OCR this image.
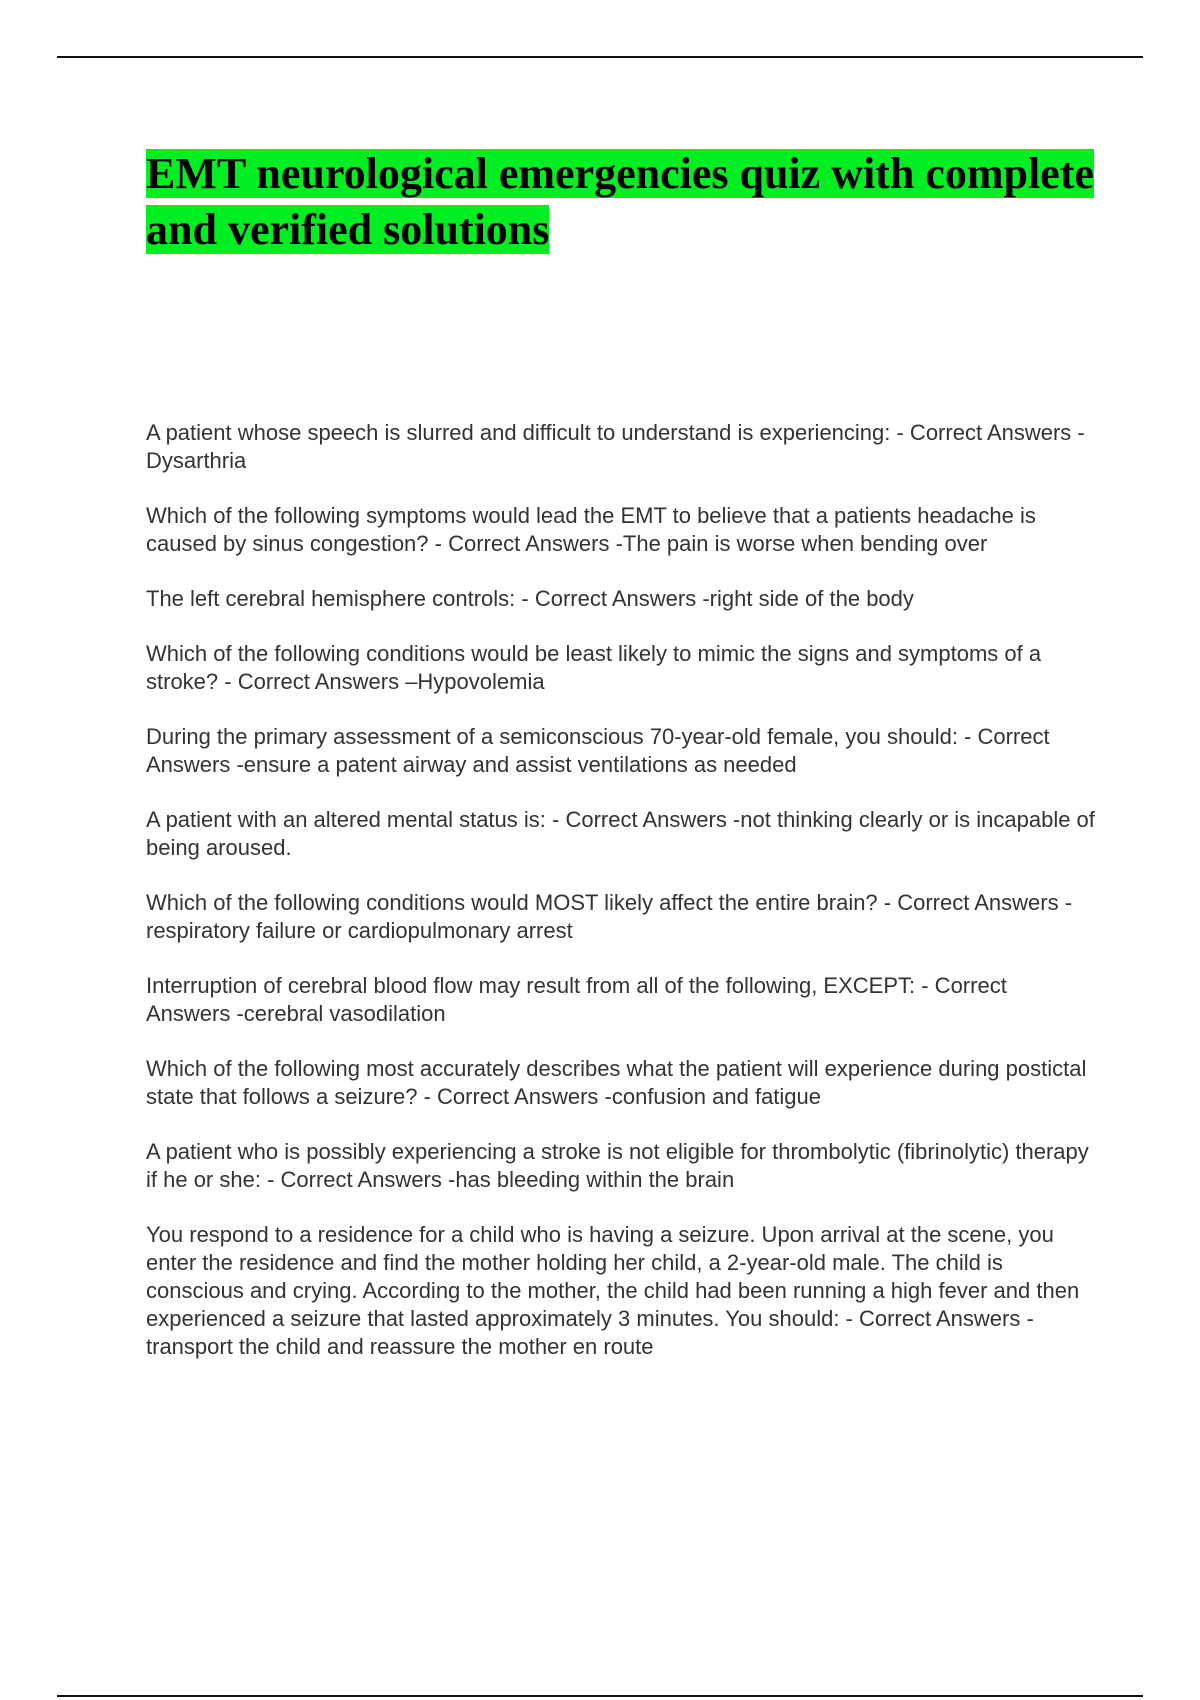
EMT neurological emergencies quiz with complete and verified solutions

A patient whose speech is slurred and difficult to understand is experiencing: - Correct Answers -Dysarthria

Which of the following symptoms would lead the EMT to believe that a patients headache is caused by sinus congestion? - Correct Answers -The pain is worse when bending over

The left cerebral hemisphere controls: - Correct Answers -right side of the body

Which of the following conditions would be least likely to mimic the signs and symptoms of a stroke? - Correct Answers –Hypovolemia

During the primary assessment of a semiconscious 70-year-old female, you should: - Correct Answers -ensure a patent airway and assist ventilations as needed

A patient with an altered mental status is: - Correct Answers -not thinking clearly or is incapable of being aroused.

Which of the following conditions would MOST likely affect the entire brain? - Correct Answers -respiratory failure or cardiopulmonary arrest

Interruption of cerebral blood flow may result from all of the following, EXCEPT: - Correct Answers -cerebral vasodilation

Which of the following most accurately describes what the patient will experience during postictal state that follows a seizure? - Correct Answers -confusion and fatigue

A patient who is possibly experiencing a stroke is not eligible for thrombolytic (fibrinolytic) therapy if he or she: - Correct Answers -has bleeding within the brain

You respond to a residence for a child who is having a seizure. Upon arrival at the scene, you enter the residence and find the mother holding her child, a 2-year-old male. The child is conscious and crying. According to the mother, the child had been running a high fever and then experienced a seizure that lasted approximately 3 minutes. You should: - Correct Answers -transport the child and reassure the mother en route
